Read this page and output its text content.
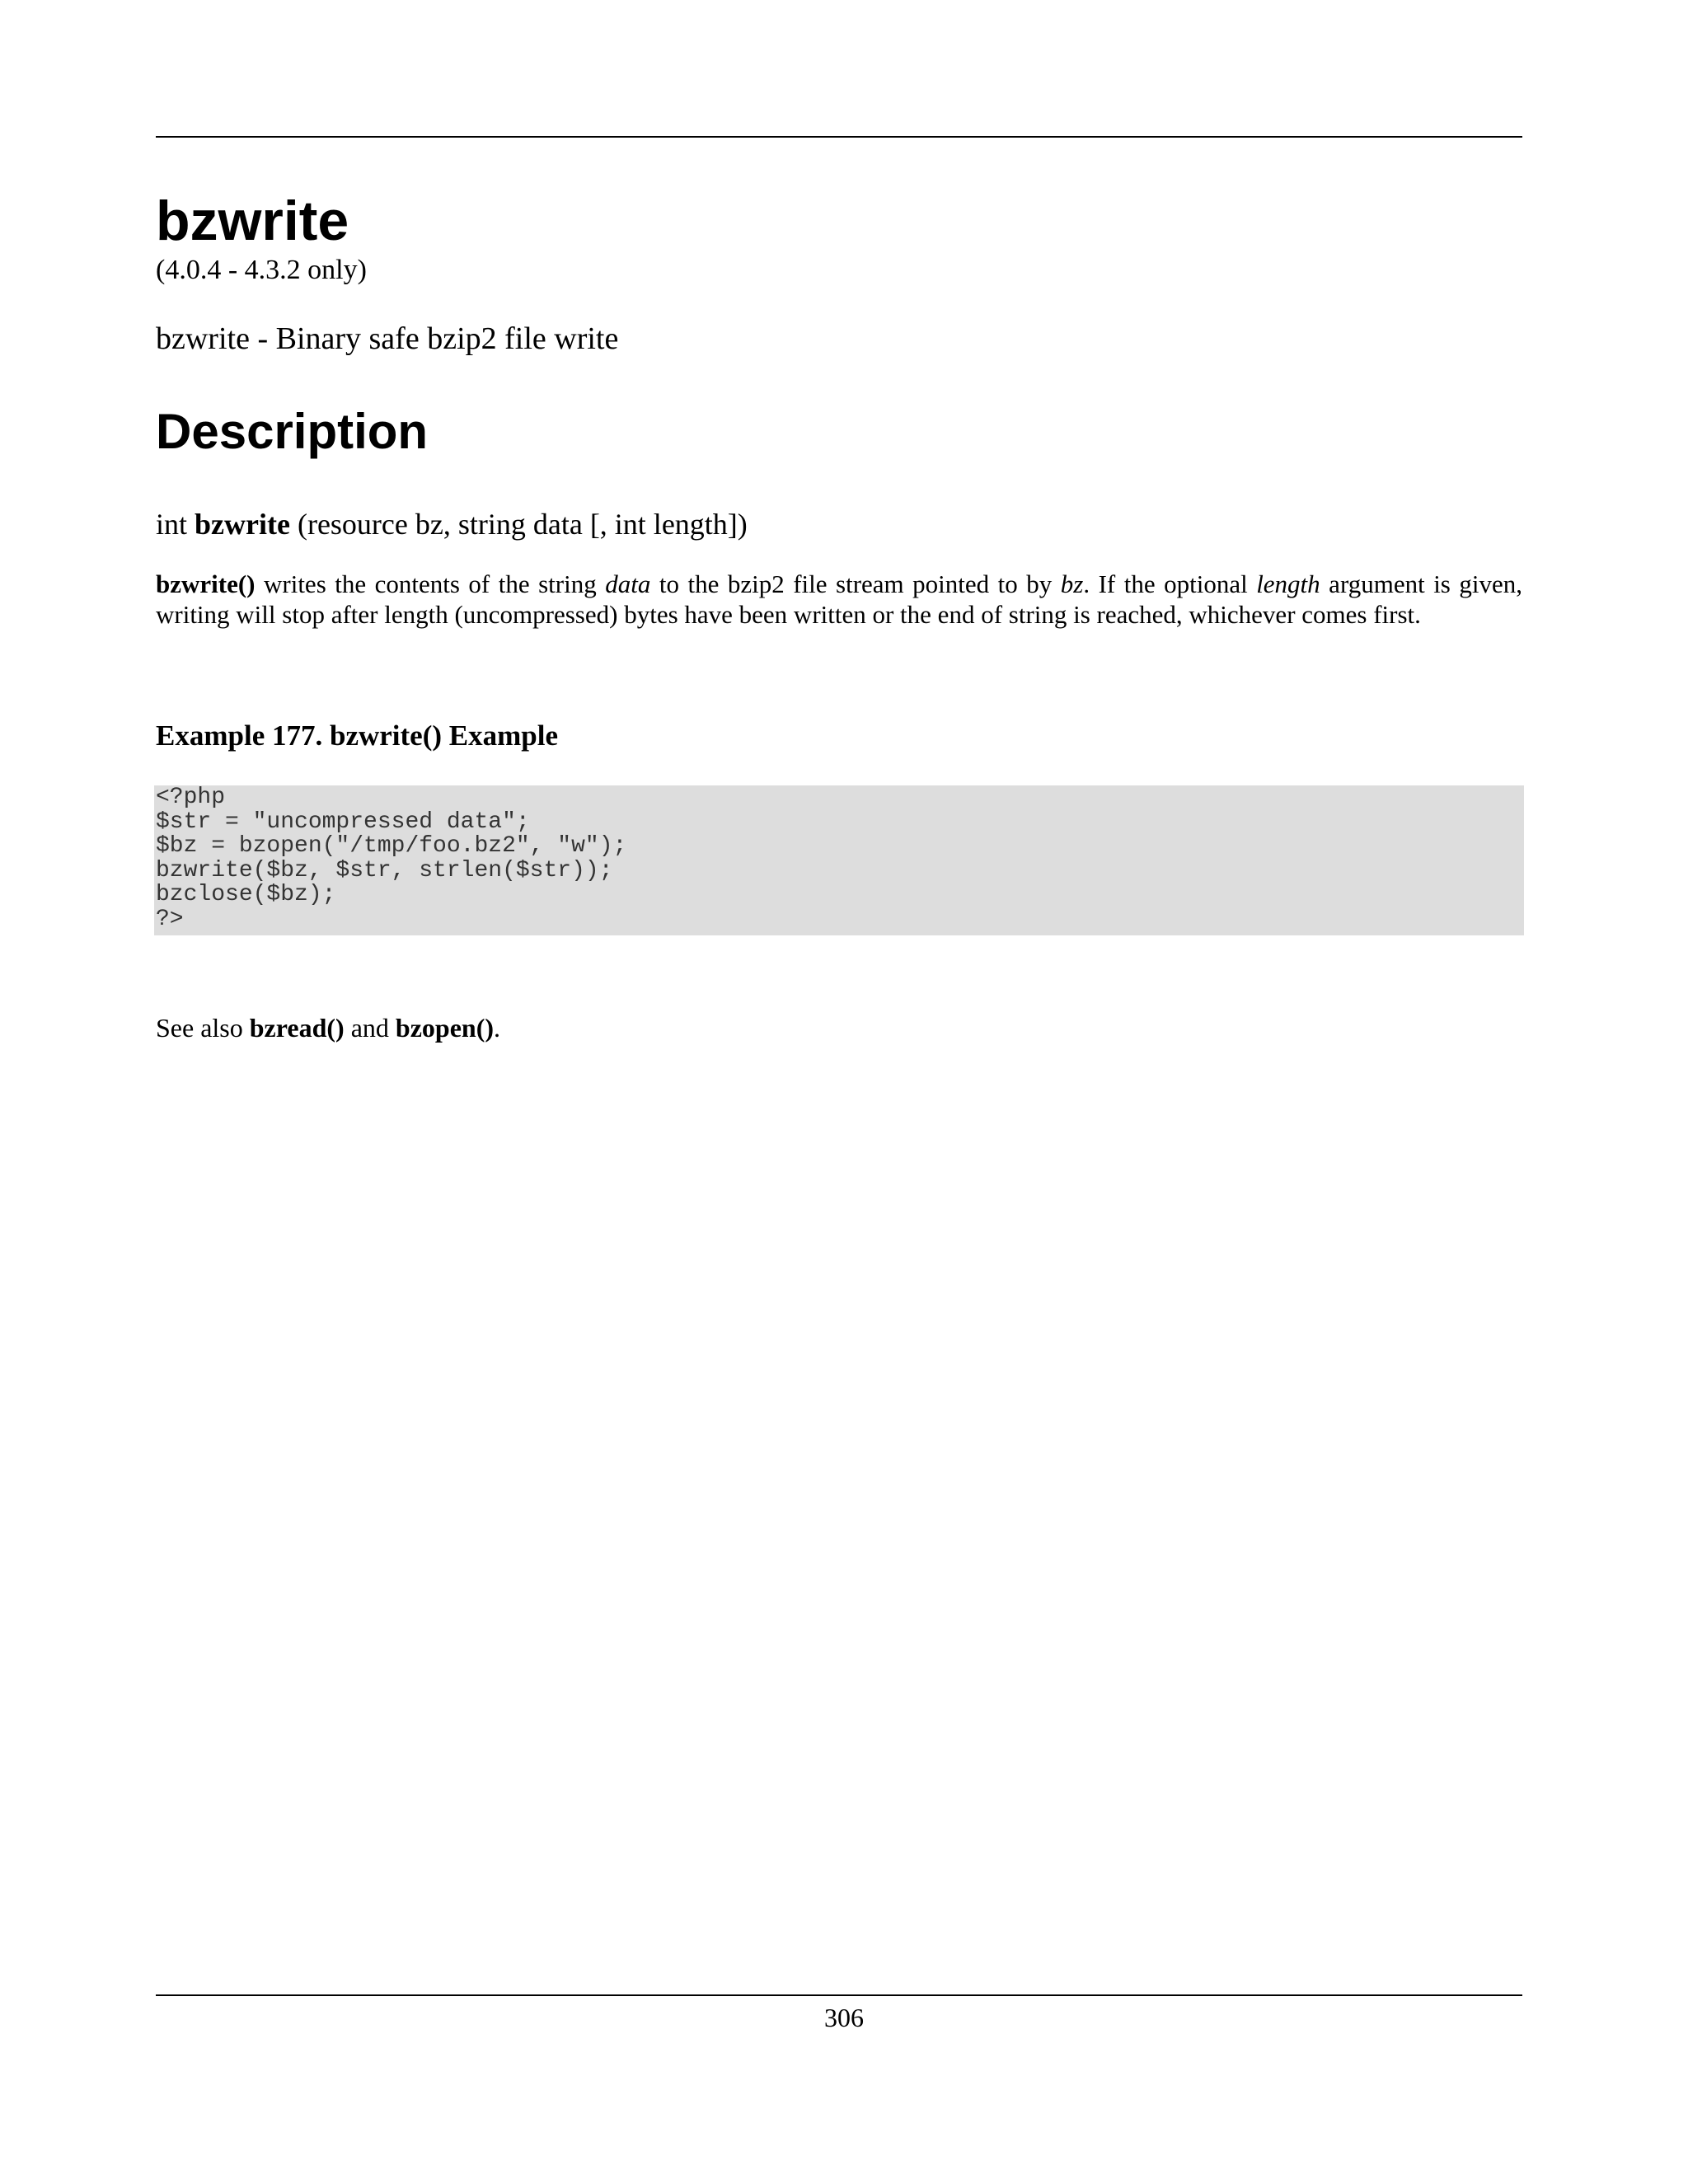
bzwrite
(4.0.4 - 4.3.2 only)
bzwrite - Binary safe bzip2 file write
Description
int bzwrite (resource bz, string data [, int length])

bzwrite() writes the contents of the string data to the bzip2 file stream pointed to by bz. If the optional length argument is given, writing will stop after length (uncompressed) bytes have been written or the end of string is reached, whichever comes first.

Example 177. bzwrite() Example
<?php
$str = "uncompressed data";
$bz = bzopen("/tmp/foo.bz2", "w");
bzwrite($bz, $str, strlen($str));
bzclose($bz);
?>
See also bzread() and bzopen().
306
